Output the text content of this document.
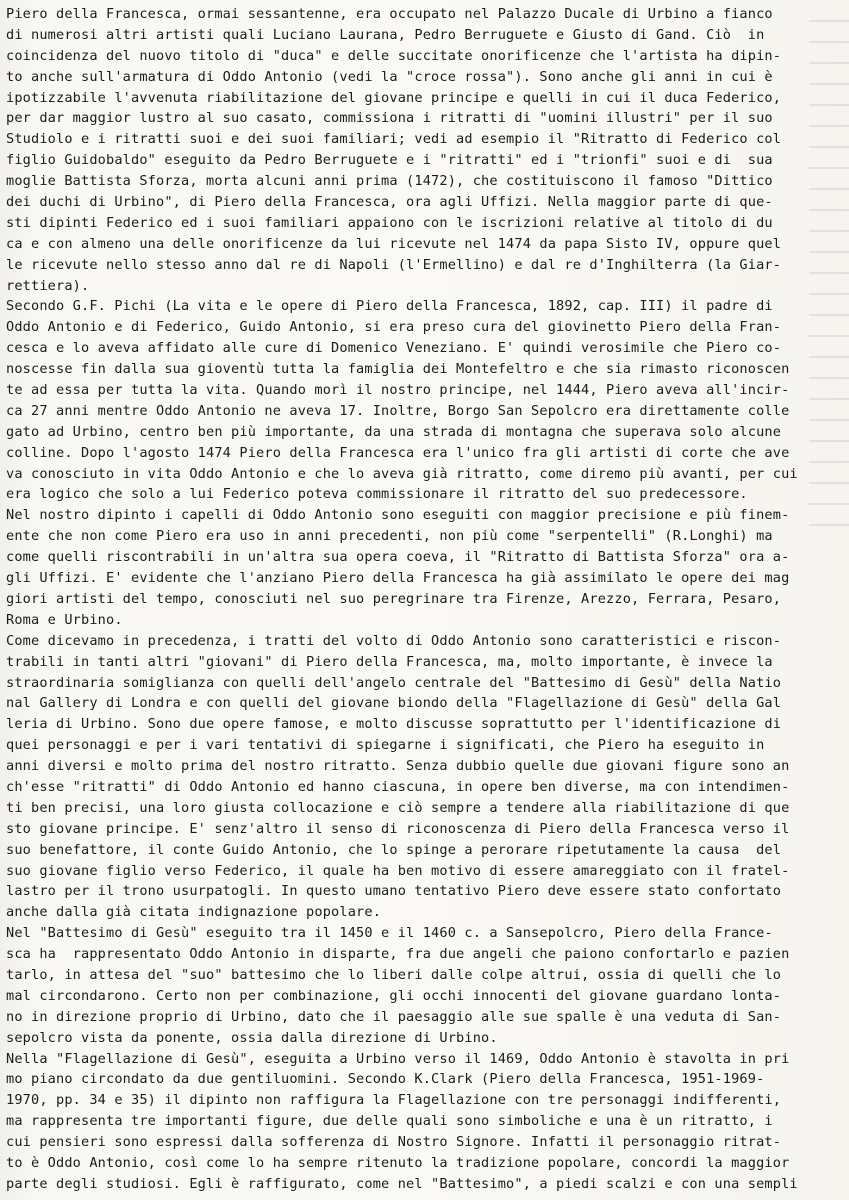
Piero della Francesca, ormai sessantenne, era occupato nel Palazzo Ducale di Urbino a fianco
di numerosi altri artisti quali Luciano Laurana, Pedro Berruguete e Giusto di Gand. Ciò  in
coincidenza del nuovo titolo di "duca" e delle succitate onorificenze che l'artista ha dipin-
to anche sull'armatura di Oddo Antonio (vedi la "croce rossa"). Sono anche gli anni in cui è
ipotizzabile l'avvenuta riabilitazione del giovane principe e quelli in cui il duca Federico,
per dar maggior lustro al suo casato, commissiona i ritratti di "uomini illustri" per il suo
Studiolo e i ritratti suoi e dei suoi familiari; vedi ad esempio il "Ritratto di Federico col
figlio Guidobaldo" eseguito da Pedro Berruguete e i "ritratti" ed i "trionfi" suoi e di  sua
moglie Battista Sforza, morta alcuni anni prima (1472), che costituiscono il famoso "Dittico
dei duchi di Urbino", di Piero della Francesca, ora agli Uffizi. Nella maggior parte di que-
sti dipinti Federico ed i suoi familiari appaiono con le iscrizioni relative al titolo di du
ca e con almeno una delle onorificenze da lui ricevute nel 1474 da papa Sisto IV, oppure quel
le ricevute nello stesso anno dal re di Napoli (l'Ermellino) e dal re d'Inghilterra (la Giar-
rettiera).
Secondo G.F. Pichi (La vita e le opere di Piero della Francesca, 1892, cap. III) il padre di
Oddo Antonio e di Federico, Guido Antonio, si era preso cura del giovinetto Piero della Fran-
cesca e lo aveva affidato alle cure di Domenico Veneziano. E' quindi verosimile che Piero co-
noscesse fin dalla sua gioventù tutta la famiglia dei Montefeltro e che sia rimasto riconoscen
te ad essa per tutta la vita. Quando morì il nostro principe, nel 1444, Piero aveva all'incir-
ca 27 anni mentre Oddo Antonio ne aveva 17. Inoltre, Borgo San Sepolcro era direttamente colle
gato ad Urbino, centro ben più importante, da una strada di montagna che superava solo alcune
colline. Dopo l'agosto 1474 Piero della Francesca era l'unico fra gli artisti di corte che ave
va conosciuto in vita Oddo Antonio e che lo aveva già ritratto, come diremo più avanti, per cui
era logico che solo a lui Federico poteva commissionare il ritratto del suo predecessore.
Nel nostro dipinto i capelli di Oddo Antonio sono eseguiti con maggior precisione e più finem-
ente che non come Piero era uso in anni precedenti, non più come "serpentelli" (R.Longhi) ma
come quelli riscontrabili in un'altra sua opera coeva, il "Ritratto di Battista Sforza" ora a-
gli Uffizi. E' evidente che l'anziano Piero della Francesca ha già assimilato le opere dei mag
giori artisti del tempo, conosciuti nel suo peregrinare tra Firenze, Arezzo, Ferrara, Pesaro,
Roma e Urbino.
Come dicevamo in precedenza, i tratti del volto di Oddo Antonio sono caratteristici e riscon-
trabili in tanti altri "giovani" di Piero della Francesca, ma, molto importante, è invece la
straordinaria somiglianza con quelli dell'angelo centrale del "Battesimo di Gesù" della Natio
nal Gallery di Londra e con quelli del giovane biondo della "Flagellazione di Gesù" della Gal
leria di Urbino. Sono due opere famose, e molto discusse soprattutto per l'identificazione di
quei personaggi e per i vari tentativi di spiegarne i significati, che Piero ha eseguito in
anni diversi e molto prima del nostro ritratto. Senza dubbio quelle due giovani figure sono an
ch'esse "ritratti" di Oddo Antonio ed hanno ciascuna, in opere ben diverse, ma con intendimen-
ti ben precisi, una loro giusta collocazione e ciò sempre a tendere alla riabilitazione di que
sto giovane principe. E' senz'altro il senso di riconoscenza di Piero della Francesca verso il
suo benefattore, il conte Guido Antonio, che lo spinge a perorare ripetutamente la causa  del
suo giovane figlio verso Federico, il quale ha ben motivo di essere amareggiato con il fratel-
lastro per il trono usurpatogli. In questo umano tentativo Piero deve essere stato confortato
anche dalla già citata indignazione popolare.
Nel "Battesimo di Gesù" eseguito tra il 1450 e il 1460 c. a Sansepolcro, Piero della France-
sca ha  rappresentato Oddo Antonio in disparte, fra due angeli che paiono confortarlo e pazien
tarlo, in attesa del "suo" battesimo che lo liberi dalle colpe altrui, ossia di quelli che lo
mal circondarono. Certo non per combinazione, gli occhi innocenti del giovane guardano lonta-
no in direzione proprio di Urbino, dato che il paesaggio alle sue spalle è una veduta di San-
sepolcro vista da ponente, ossia dalla direzione di Urbino.
Nella "Flagellazione di Gesù", eseguita a Urbino verso il 1469, Oddo Antonio è stavolta in pri
mo piano circondato da due gentiluomini. Secondo K.Clark (Piero della Francesca, 1951-1969-
1970, pp. 34 e 35) il dipinto non raffigura la Flagellazione con tre personaggi indifferenti,
ma rappresenta tre importanti figure, due delle quali sono simboliche e una è un ritratto, i
cui pensieri sono espressi dalla sofferenza di Nostro Signore. Infatti il personaggio ritrat-
to è Oddo Antonio, così come lo ha sempre ritenuto la tradizione popolare, concordi la maggior
parte degli studiosi. Egli è raffigurato, come nel "Battesimo", a piedi scalzi e con una sempli
